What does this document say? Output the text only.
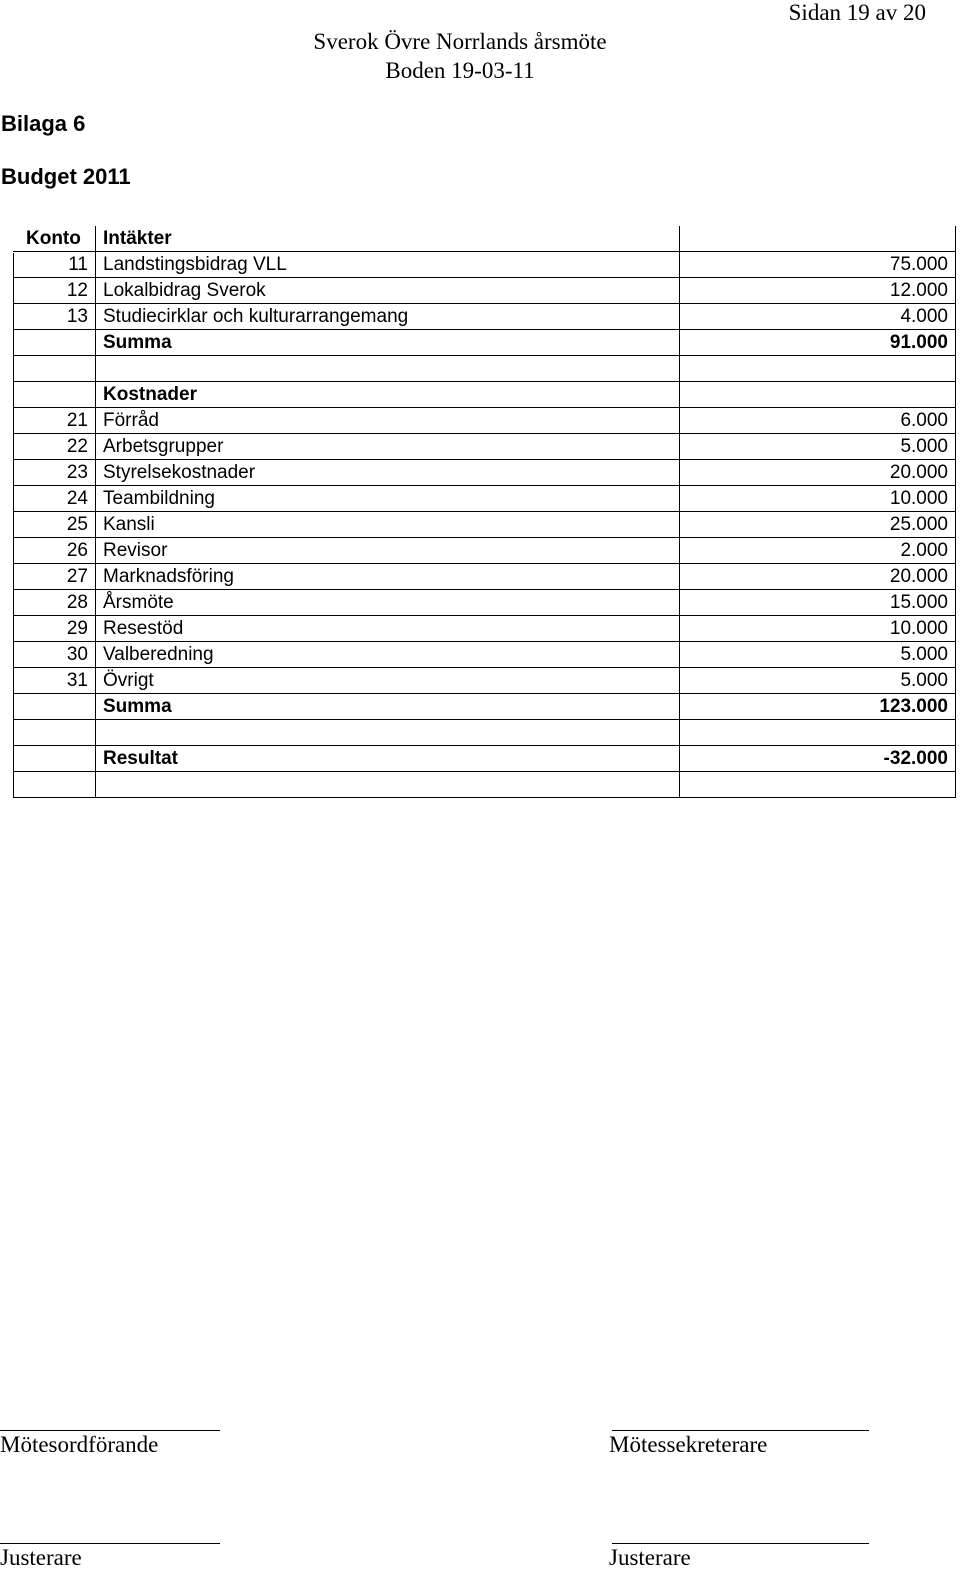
Sidan 19 av 20
Sverok Övre Norrlands årsmöte
Boden 19-03-11
Bilaga 6
Budget 2011
Konto Intäkter
11 Landstingsbidrag VLL	75.000
12 Lokalbidrag Sverok	12.000
13 Studiecirklar och kulturarrangemang	4.000
Summa	91.000
Kostnader
21 Förråd	6.000
22 Arbetsgrupper	5.000
23 Styrelsekostnader	20.000
24 Teambildning	10.000
25 Kansli	25.000
26 Revisor	2.000
27 Marknadsföring	20.000
28 Årsmöte	15.000
29 Resestöd	10.000
30 Valberedning	5.000
31 Övrigt	5.000
Summa	123.000
Resultat	-32.000
Mötesordförande	Mötessekreterare
Justerare	Justerare
